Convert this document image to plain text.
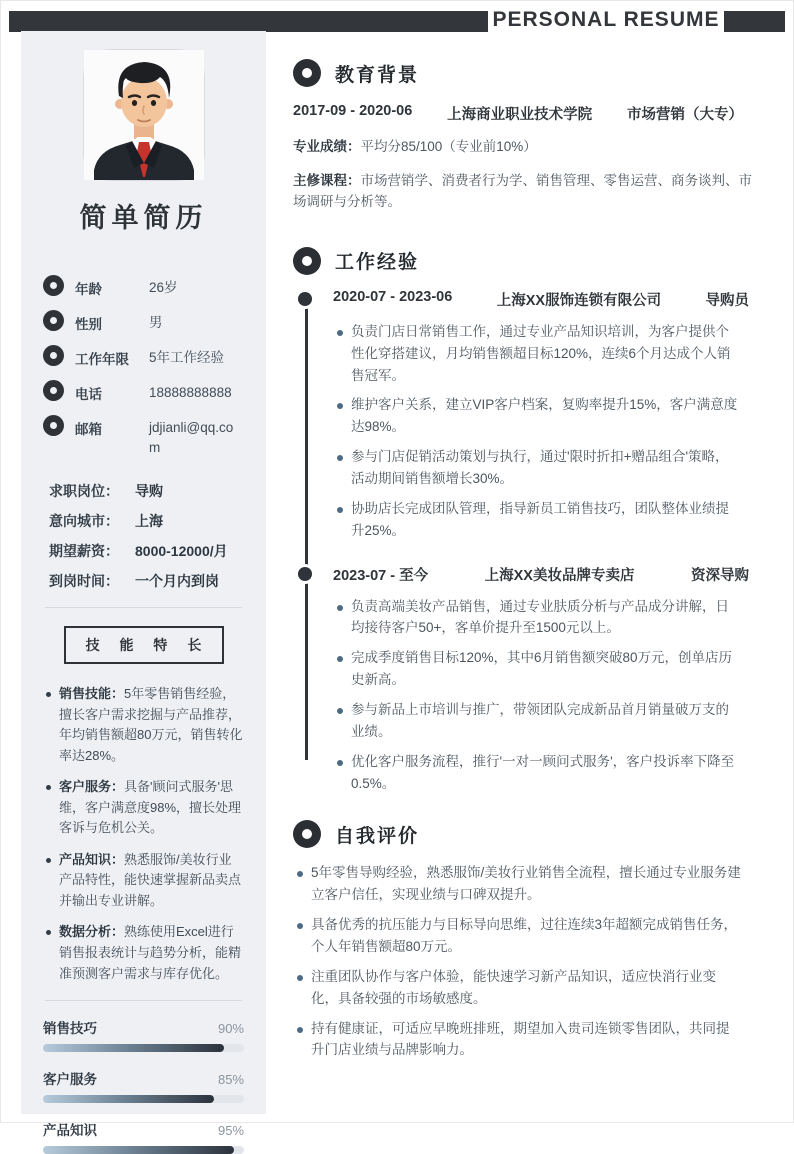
PERSONAL RESUME
简单简历
年龄	26岁
性别	男
工作年限	5年工作经验
电话	18888888888
邮箱	jdjianli@qq.com
求职岗位：	导购
意向城市：	上海
期望薪资：	8000-12000/月
到岗时间：	一个月内到岗
技 能 特 长
销售技能：5年零售销售经验，擅长客户需求挖掘与产品推荐，年均销售额超80万元，销售转化率达28%。
客户服务：具备'顾问式服务'思维，客户满意度98%，擅长处理客诉与危机公关。
产品知识：熟悉服饰/美妆行业产品特性，能快速掌握新品卖点并输出专业讲解。
数据分析：熟练使用Excel进行销售报表统计与趋势分析，能精准预测客户需求与库存优化。
销售技巧	90%
客户服务	85%
产品知识	95%
教育背景
2017-09 - 2020-06 上海商业职业技术学院 市场营销（大专）
专业成绩：平均分85/100（专业前10%）
主修课程：市场营销学、消费者行为学、销售管理、零售运营、商务谈判、市场调研与分析等。
工作经验
2020-07 - 2023-06	上海XX服饰连锁有限公司	导购员
负责门店日常销售工作，通过专业产品知识培训，为客户提供个性化穿搭建议，月均销售额超目标120%，连续6个月达成个人销售冠军。
维护客户关系，建立VIP客户档案，复购率提升15%，客户满意度达98%。
参与门店促销活动策划与执行，通过'限时折扣+赠品组合'策略，活动期间销售额增长30%。
协助店长完成团队管理，指导新员工销售技巧，团队整体业绩提升25%。
2023-07 - 至今	上海XX美妆品牌专卖店	资深导购
负责高端美妆产品销售，通过专业肤质分析与产品成分讲解，日均接待客户50+，客单价提升至1500元以上。
完成季度销售目标120%，其中6月销售额突破80万元，创单店历史新高。
参与新品上市培训与推广，带领团队完成新品首月销量破万支的业绩。
优化客户服务流程，推行'一对一顾问式服务'，客户投诉率下降至0.5%。
自我评价
5年零售导购经验，熟悉服饰/美妆行业销售全流程，擅长通过专业服务建立客户信任，实现业绩与口碑双提升。
具备优秀的抗压能力与目标导向思维，过往连续3年超额完成销售任务，个人年销售额超80万元。
注重团队协作与客户体验，能快速学习新产品知识，适应快消行业变化，具备较强的市场敏感度。
持有健康证，可适应早晚班排班，期望加入贵司连锁零售团队，共同提升门店业绩与品牌影响力。
